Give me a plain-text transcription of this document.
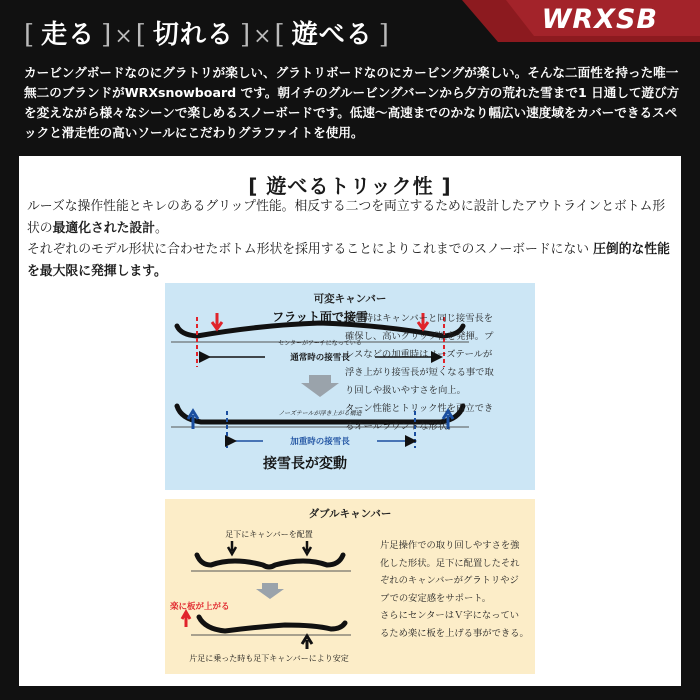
[ 走る ]×[ 切れる ]×[ 遊べる ]	WRXSB
カービングボードなのにグラトリが楽しい、グラトリボードなのにカービングが楽しい。そんな二面性を持った唯一無二のブランドがWRXsnowboard です。朝イチのグルービングバーンから夕方の荒れた雪まで1 日通して遊び方を変えながら様々なシーンで楽しめるスノーボードです。低速〜高速までのかなり幅広い速度域をカバーできるスペックと滑走性の高いソールにこだわりグラファイトを使用。
[ 遊べるトリック性 ]
ルーズな操作性能とキレのあるグリップ性能。相反する二つを両立するために設計したアウトラインとボトム形状の最適化された設計。
それぞれのモデル形状に合わせたボトム形状を採用することによりこれまでのスノーボードにない 圧倒的な性能を最大限に発揮します。
可変キャンバー
フラット面で接雪
センターがアーチになっている
通常時の接雪長
ノーズテールが浮き上がる構造
加重時の接雪長
接雪長が変動
通常時はキャンバーと同じ接雪長を
確保し、高いグリップ性を発揮。プ
レスなどの加重時はノーズテールが
浮き上がり接雪長が短くなる事で取
り回しや扱いやすさを向上。
ターン性能とトリック性を両立でき
るオールラウンドな形状。
ダブルキャンバー
足下にキャンバーを配置
楽に板が上がる
片足に乗った時も足下キャンバーにより安定
片足操作での取り回しやすさを強
化した形状。足下に配置したそれ
ぞれのキャンバーがグラトリやジ
ブでの安定感をサポート。
さらにセンターはＶ字になってい
るため楽に板を上げる事ができる。
